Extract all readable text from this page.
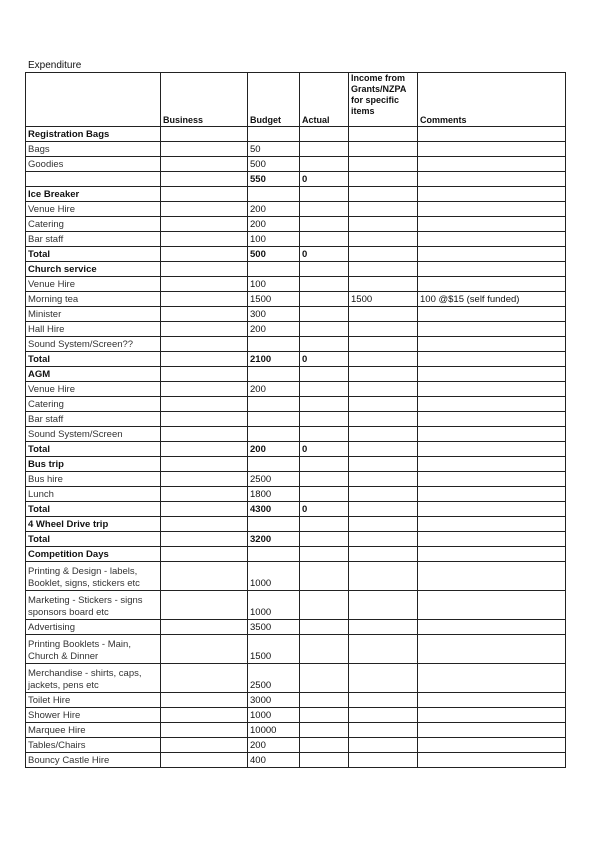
Expenditure
	Business	Budget	Actual	Income from Grants/NZPA for specific items	Comments
Registration Bags					
Bags		50			
Goodies		500			
		550	0		
Ice Breaker					
Venue Hire		200			
Catering		200			
Bar staff		100			
Total		500	0		
Church service					
Venue Hire		100			
Morning tea		1500		1500	100 @$15 (self funded)
Minister		300			
Hall Hire		200			
Sound System/Screen??					
Total		2100	0		
AGM					
Venue Hire		200			
Catering					
Bar staff					
Sound System/Screen					
Total		200	0		
Bus trip					
Bus hire		2500			
Lunch		1800			
Total		4300	0		
4 Wheel Drive trip					
Total		3200			
Competition Days					
Printing & Design - labels, Booklet, signs, stickers etc		1000			
Marketing - Stickers - signs sponsors board etc		1000			
Advertising		3500			
Printing Booklets - Main, Church & Dinner		1500			
Merchandise - shirts, caps, jackets, pens etc		2500			
Toilet Hire		3000			
Shower Hire		1000			
Marquee Hire		10000			
Tables/Chairs		200			
Bouncy Castle Hire		400			
